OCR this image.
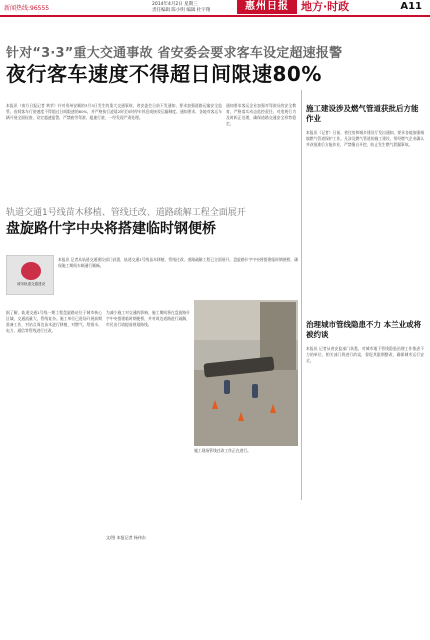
新闻热线:96555
2014年4月2日 星期三
责任编辑 陈小明 编辑 杜宇翔	惠州日报	地方·时政	A11
针对“3·3”重大交通事故 省安委会要求客车设定超速报警
夜行客车速度不得超日间限速80%
本报讯（南方日报记者 黄苹）针对贵州安顺的3月3日发生的重大交通事故，省安委会日前下发通知，要求加强道路运输安全监管，夜间客车行驶速度不得超过日间限速的80%，并严格执行凌晨2时至5时停车休息或接驳运输制度。通知要求，各地对客运车辆开展全面检查，设定超速报警，严禁疲劳驾驶、超速行驶，一经发现严肃处理。
通知要求客运企业加强对驾驶员的安全教育，严格落实动态监控责任，对违规行为及时纠正处理，确保道路交通安全形势稳定。
施工建设涉及燃气管道获批后方能作业
本报讯（记者）日前，省住房和城乡建设厅发出通知，要求各地加强城镇燃气管道保护工作。凡涉及燃气管道的施工建设，须经燃气企业确认并获批准后方能作业，严禁擅自开挖，防止发生燃气泄漏事故。
治理城市管线隐患不力 本兰业或将被约谈
本报讯 记者从省安监部门获悉，对城市地下管线隐患治理工作推进不力的单位，相关部门将进行约谈，督促其限期整改，确保城市运行安全。
轨道交通1号线苗木移植、管线迁改、道路疏解工程全面展开
盘旋路什字中央将搭建临时钢便桥
城市轨道交通建设
本报讯 记者从轨道交通建设部门获悉，轨道交通1号线苗木移植、管线迁改、道路疏解工程已全面展开。盘旋路什字中央将搭建临时钢便桥，确保施工期间车辆通行顺畅。
据了解，轨道交通1号线一期工程盘旋路站位于城市核心区域，交通流量大，管线复杂。施工单位已进场开展前期准备工作，对站点周边苗木进行移植，对燃气、给排水、电力、通信等管线进行迁改。
为减少施工对交通的影响，施工期间将在盘旋路什字中央搭建临时钢便桥，并对周边道路进行疏解，市民出行请提前规划路线。
施工现场管线迁改工作正在进行。
文/图 本报记者 杨伟东
